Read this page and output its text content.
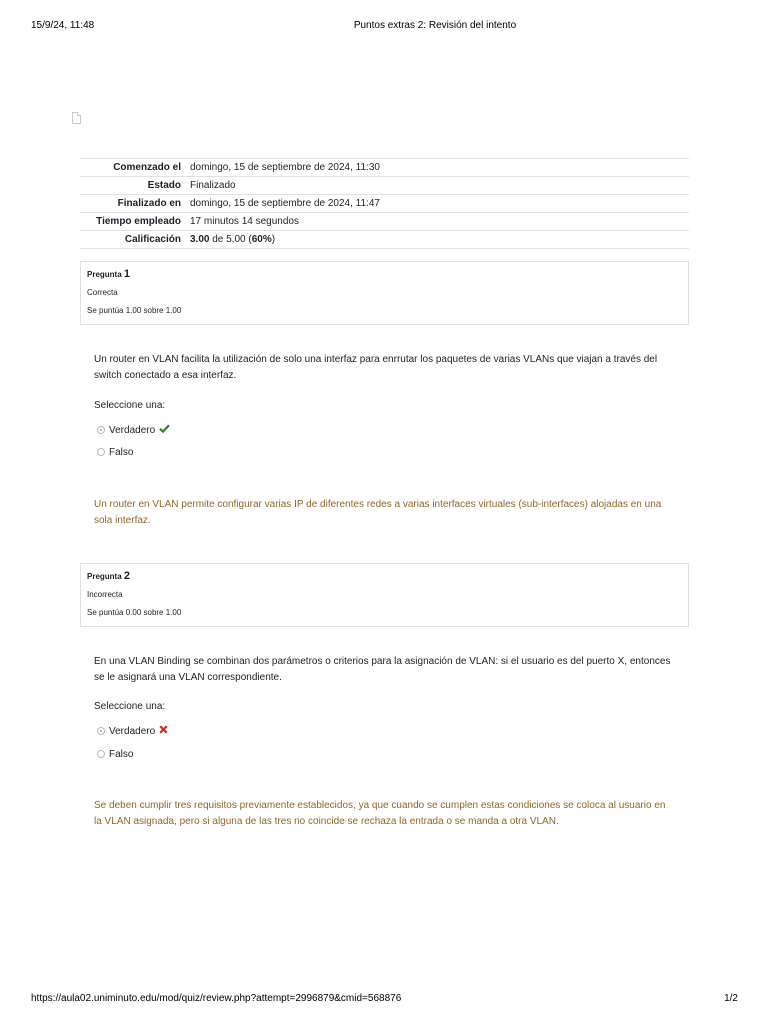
15/9/24, 11:48	Puntos extras 2: Revisión del intento
Comenzado el	domingo, 15 de septiembre de 2024, 11:30
Estado	Finalizado
Finalizado en	domingo, 15 de septiembre de 2024, 11:47
Tiempo empleado	17 minutos 14 segundos
Calificación	3.00 de 5.00 (60%)
Pregunta 1
Correcta
Se puntúa 1.00 sobre 1.00
Un router en VLAN facilita la utilización de solo una interfaz para enrrutar los paquetes de varias VLANs que viajan a través del switch conectado a esa interfaz.
Seleccione una:
Verdadero
Falso
Un router en VLAN permite configurar varias IP de diferentes redes a varias interfaces virtuales (sub-interfaces) alojadas en una sola interfaz.
Pregunta 2
Incorrecta
Se puntúa 0.00 sobre 1.00
En una VLAN Binding se combinan dos parámetros o criterios para la asignación de VLAN: si el usuario es del puerto X, entonces se le asignará una VLAN correspondiente.
Seleccione una:
Verdadero
Falso
Se deben cumplir tres requisitos previamente establecidos, ya que cuando se cumplen estas condiciones se coloca al usuario en la VLAN asignada, pero si alguna de las tres no coincide se rechaza la entrada o se manda a otra VLAN.
https://aula02.uniminuto.edu/mod/quiz/review.php?attempt=2996879&cmid=568876	1/2
